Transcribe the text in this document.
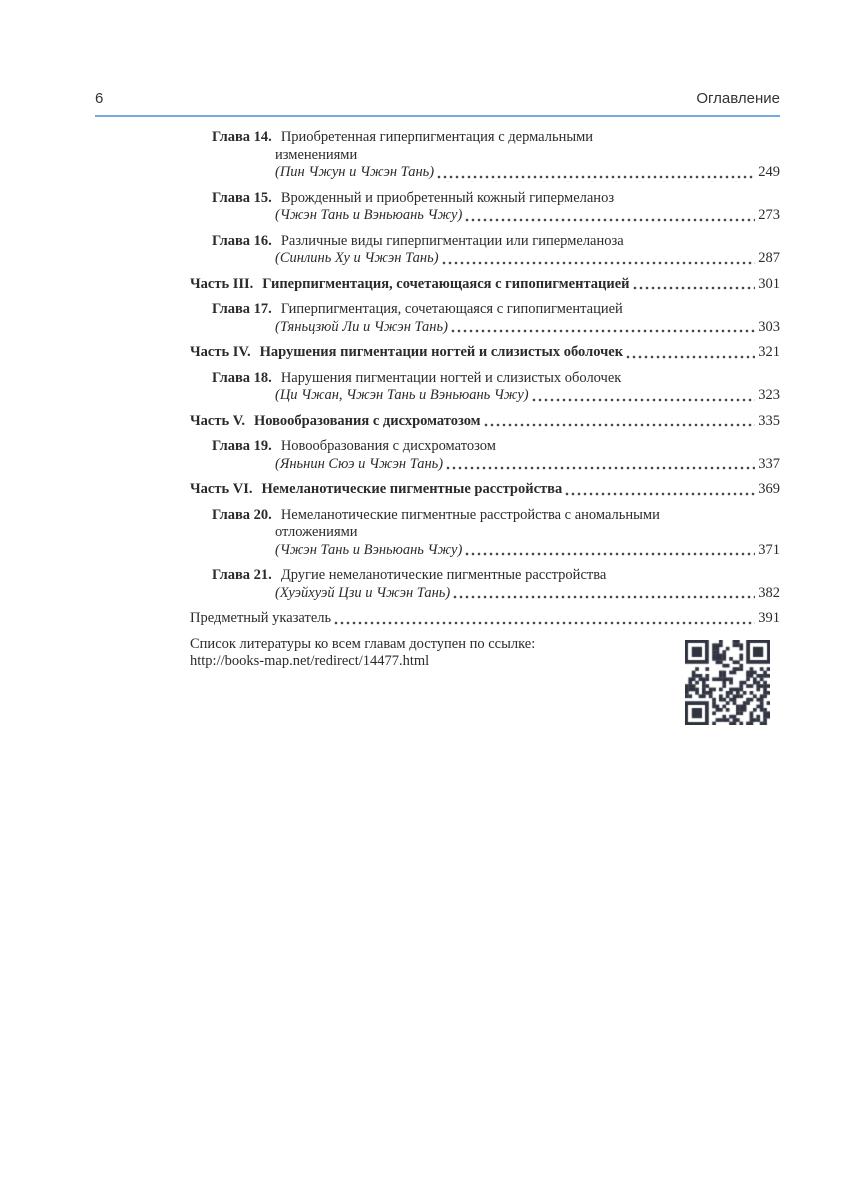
6	Оглавление
Глава 14. Приобретенная гиперпигментация с дермальными
изменениями
(Пин Чжун и Чжэн Тань)	249
Глава 15. Врожденный и приобретенный кожный гипермеланоз
(Чжэн Тань и Вэньюань Чжу)	273
Глава 16. Различные виды гиперпигментации или гипермеланоза
(Синлинь Ху и Чжэн Тань)	287
Часть III. Гиперпигментация, сочетающаяся с гипопигментацией	301
Глава 17. Гиперпигментация, сочетающаяся с гипопигментацией
(Тяньцзюй Ли и Чжэн Тань)	303
Часть IV. Нарушения пигментации ногтей и слизистых оболочек	321
Глава 18. Нарушения пигментации ногтей и слизистых оболочек
(Ци Чжан, Чжэн Тань и Вэньюань Чжу)	323
Часть V. Новообразования с дисхроматозом	335
Глава 19. Новообразования с дисхроматозом
(Яньнин Сюэ и Чжэн Тань)	337
Часть VI. Немеланотические пигментные расстройства	369
Глава 20. Немеланотические пигментные расстройства с аномальными
отложениями
(Чжэн Тань и Вэньюань Чжу)	371
Глава 21. Другие немеланотические пигментные расстройства
(Хуэйхуэй Цзи и Чжэн Тань)	382
Предметный указатель	391
Список литературы ко всем главам доступен по ссылке:
http://books-map.net/redirect/14477.html
